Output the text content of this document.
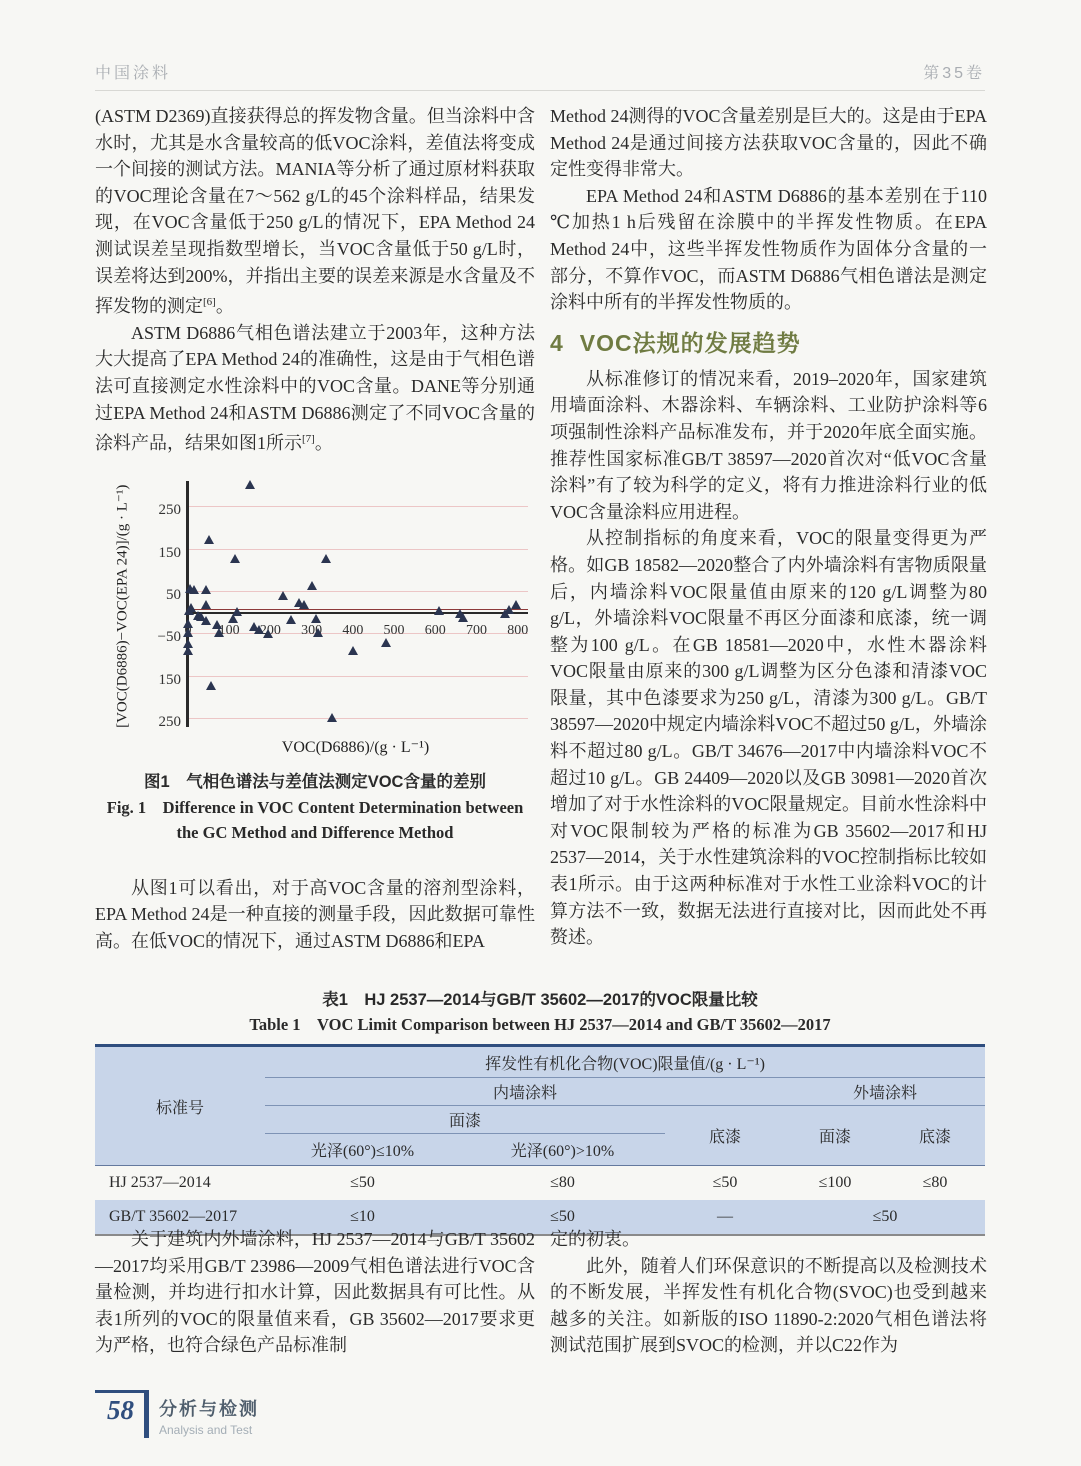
中国涂料	第35卷

(ASTM D2369)直接获得总的挥发物含量。但当涂料中含水时，尤其是水含量较高的低VOC涂料，差值法将变成一个间接的测试方法。MANIA等分析了通过原材料获取的VOC理论含量在7～562 g/L的45个涂料样品，结果发现，在VOC含量低于250 g/L的情况下，EPA Method 24测试误差呈现指数型增长，当VOC含量低于50 g/L时，误差将达到200%，并指出主要的误差来源是水含量及不挥发物的测定[6]。

ASTM D6886气相色谱法建立于2003年，这种方法大大提高了EPA Method 24的准确性，这是由于气相色谱法可直接测定水性涂料中的VOC含量。DANE等分别通过EPA Method 24和ASTM D6886测定了不同VOC含量的涂料产品，结果如图1所示[7]。

[VOC(D6886)−VOC(EPA 24)]/(g · L⁻¹)
VOC(D6886)/(g · L⁻¹)
250
150
50
−50
150
250
0	100	200	300	400	500	600	700	800
图1　气相色谱法与差值法测定VOC含量的差别
Fig. 1　Difference in VOC Content Determination between
the GC Method and Difference Method

从图1可以看出，对于高VOC含量的溶剂型涂料，EPA Method 24是一种直接的测量手段，因此数据可靠性高。在低VOC的情况下，通过ASTM D6886和EPA

Method 24测得的VOC含量差别是巨大的。这是由于EPA Method 24是通过间接方法获取VOC含量的，因此不确定性变得非常大。

EPA Method 24和ASTM D6886的基本差别在于110 ℃加热1 h后残留在涂膜中的半挥发性物质。在EPA Method 24中，这些半挥发性物质作为固体分含量的一部分，不算作VOC，而ASTM D6886气相色谱法是测定涂料中所有的半挥发性物质的。

4 VOC法规的发展趋势

从标准修订的情况来看，2019–2020年，国家建筑用墙面涂料、木器涂料、车辆涂料、工业防护涂料等6项强制性涂料产品标准发布，并于2020年底全面实施。推荐性国家标准GB/T 38597—2020首次对“低VOC含量涂料”有了较为科学的定义，将有力推进涂料行业的低VOC含量涂料应用进程。

从控制指标的角度来看，VOC的限量变得更为严格。如GB 18582—2020整合了内外墙涂料有害物质限量后，内墙涂料VOC限量值由原来的120 g/L调整为80 g/L，外墙涂料VOC限量不再区分面漆和底漆，统一调整为100 g/L。在GB 18581—2020中，水性木器涂料VOC限量由原来的300 g/L调整为区分色漆和清漆VOC限量，其中色漆要求为250 g/L，清漆为300 g/L。GB/T 38597—2020中规定内墙涂料VOC不超过50 g/L，外墙涂料不超过80 g/L。GB/T 34676—2017中内墙涂料VOC不超过10 g/L。GB 24409—2020以及GB 30981—2020首次增加了对于水性涂料的VOC限量规定。目前水性涂料中对VOC限制较为严格的标准为GB 35602—2017和HJ 2537—2014，关于水性建筑涂料的VOC控制指标比较如表1所示。由于这两种标准对于水性工业涂料VOC的计算方法不一致，数据无法进行直接对比，因而此处不再赘述。

表1　HJ 2537—2014与GB/T 35602—2017的VOC限量比较
Table 1　VOC Limit Comparison between HJ 2537—2014 and GB/T 35602—2017
标准号	挥发性有机化合物(VOC)限量值/(g · L⁻¹)				
	内墙涂料			外墙涂料	
	面漆		底漆	面漆	底漆
	光泽(60°)≤10%	光泽(60°)>10%			
HJ 2537—2014	≤50	≤80	≤50	≤100	≤80
GB/T 35602—2017	≤10	≤50	—	≤50	

关于建筑内外墙涂料，HJ 2537—2014与GB/T 35602—2017均采用GB/T 23986—2009气相色谱法进行VOC含量检测，并均进行扣水计算，因此数据具有可比性。从表1所列的VOC的限量值来看，GB 35602—2017要求更为严格，也符合绿色产品标准制

定的初衷。

此外，随着人们环保意识的不断提高以及检测技术的不断发展，半挥发性有机化合物(SVOC)也受到越来越多的关注。如新版的ISO 11890-2:2020气相色谱法将测试范围扩展到SVOC的检测，并以C22作为

58	分析与检测
Analysis and Test
